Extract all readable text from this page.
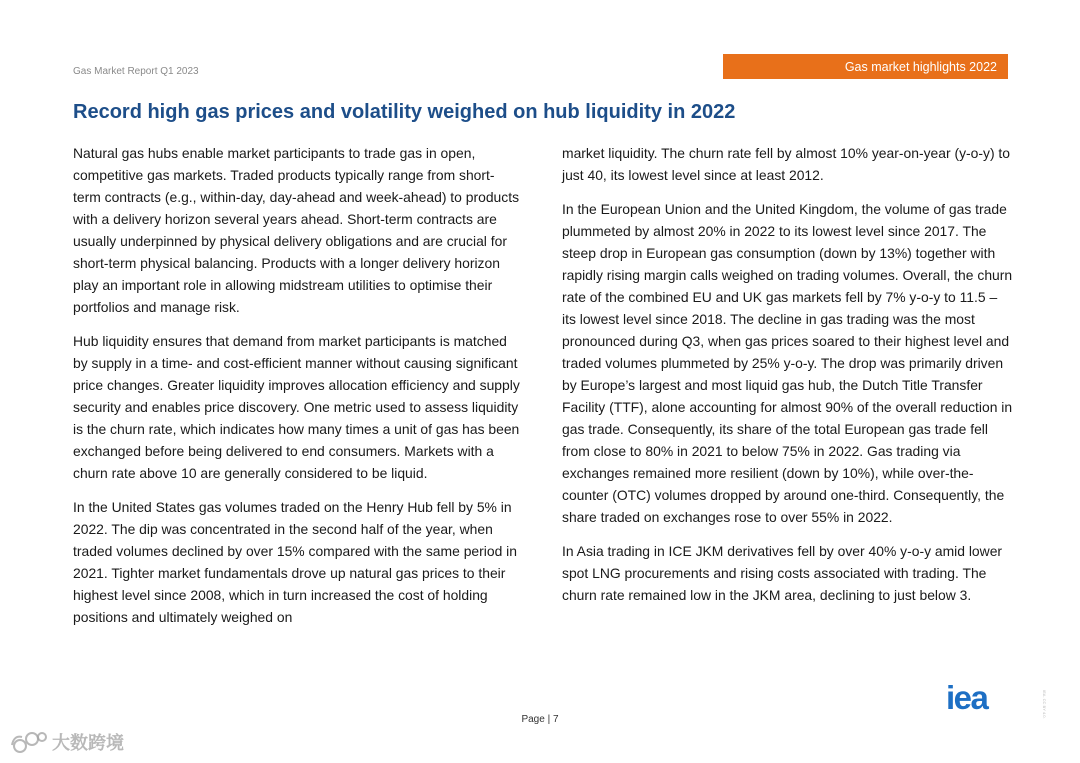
Gas Market Report Q1 2023	Gas market highlights 2022
Record high gas prices and volatility weighed on hub liquidity in 2022

Natural gas hubs enable market participants to trade gas in open, competitive gas markets. Traded products typically range from short-term contracts (e.g., within-day, day-ahead and week-ahead) to products with a delivery horizon several years ahead. Short-term contracts are usually underpinned by physical delivery obligations and are crucial for short-term physical balancing. Products with a longer delivery horizon play an important role in allowing midstream utilities to optimise their portfolios and manage risk.

Hub liquidity ensures that demand from market participants is matched by supply in a time- and cost-efficient manner without causing significant price changes. Greater liquidity improves allocation efficiency and supply security and enables price discovery. One metric used to assess liquidity is the churn rate, which indicates how many times a unit of gas has been exchanged before being delivered to end consumers. Markets with a churn rate above 10 are generally considered to be liquid.

In the United States gas volumes traded on the Henry Hub fell by 5% in 2022. The dip was concentrated in the second half of the year, when traded volumes declined by over 15% compared with the same period in 2021. Tighter market fundamentals drove up natural gas prices to their highest level since 2008, which in turn increased the cost of holding positions and ultimately weighed on

market liquidity. The churn rate fell by almost 10% year-on-year (y-o-y) to just 40, its lowest level since at least 2012.

In the European Union and the United Kingdom, the volume of gas trade plummeted by almost 20% in 2022 to its lowest level since 2017. The steep drop in European gas consumption (down by 13%) together with rapidly rising margin calls weighed on trading volumes. Overall, the churn rate of the combined EU and UK gas markets fell by 7% y-o-y to 11.5 – its lowest level since 2018. The decline in gas trading was the most pronounced during Q3, when gas prices soared to their highest level and traded volumes plummeted by 25% y-o-y. The drop was primarily driven by Europe’s largest and most liquid gas hub, the Dutch Title Transfer Facility (TTF), alone accounting for almost 90% of the overall reduction in gas trade. Consequently, its share of the total European gas trade fell from close to 80% in 2021 to below 75% in 2022. Gas trading via exchanges remained more resilient (down by 10%), while over-the-counter (OTC) volumes dropped by around one-third. Consequently, the share traded on exchanges rose to over 55% in 2022.

In Asia trading in ICE JKM derivatives fell by over 40% y-o-y amid lower spot LNG procurements and rising costs associated with trading. The churn rate remained low in the JKM area, declining to just below 3.

Page | 7
iea	IEA. CC BY 4.0.
大数跨境
